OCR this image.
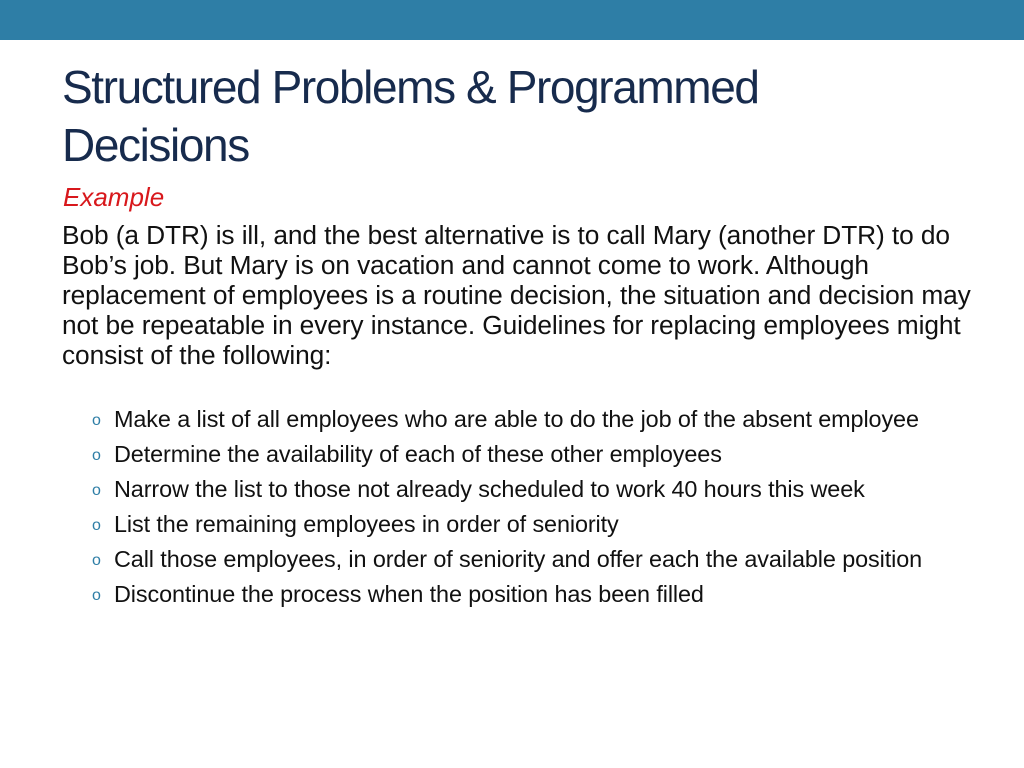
Structured Problems & Programmed
Decisions

Example

Bob (a DTR) is ill, and the best alternative is to call Mary (another DTR) to do Bob’s job. But Mary is on vacation and cannot come to work. Although replacement of employees is a routine decision, the situation and decision may not be repeatable in every instance. Guidelines for replacing employees might consist of the following:

o Make a list of all employees who are able to do the job of the absent employee
o Determine the availability of each of these other employees
o Narrow the list to those not already scheduled to work 40 hours this week
o List the remaining employees in order of seniority
o Call those employees, in order of seniority and offer each the available position
o Discontinue the process when the position has been filled
